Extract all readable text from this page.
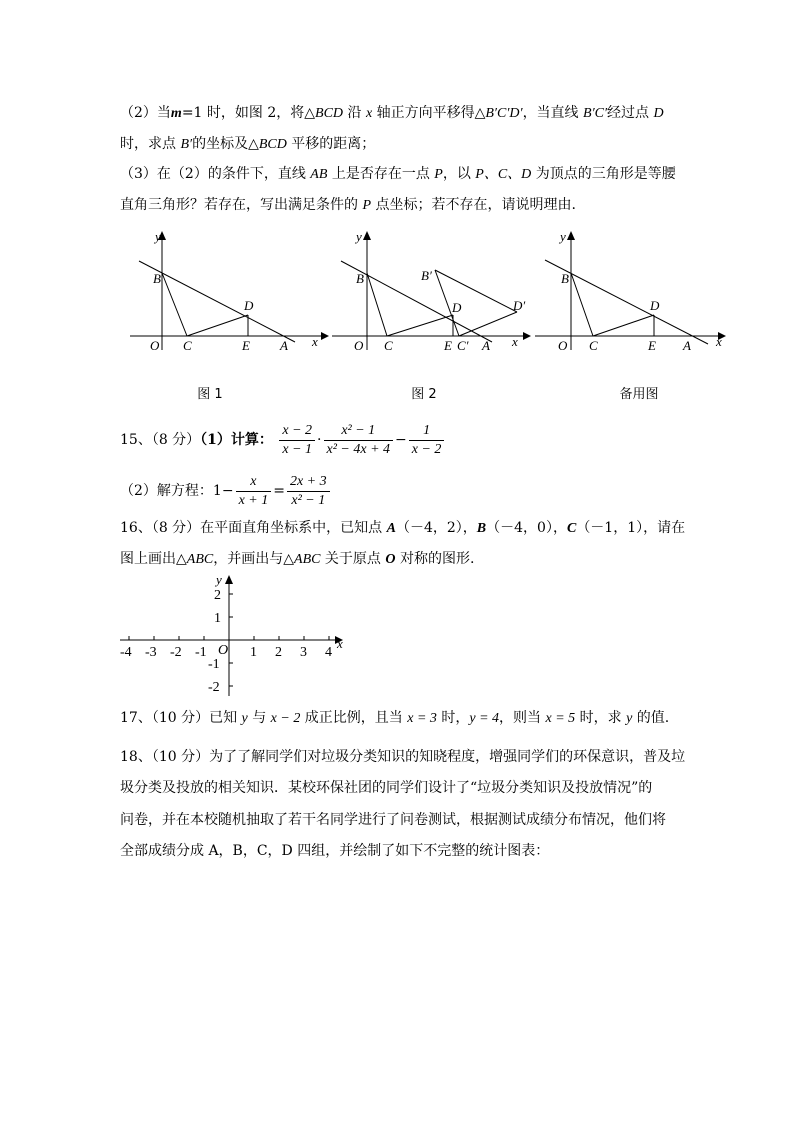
（2）当m=1 时，如图 2，将△BCD 沿 x 轴正方向平移得△B′C′D′，当直线 B′C′经过点 D
时，求点 B′的坐标及△BCD 平移的距离；
（3）在（2）的条件下，直线 AB 上是否存在一点 P，以 P、C、D 为顶点的三角形是等腰
直角三角形？若存在，写出满足条件的 P 点坐标；若不存在，请说明理由.
y
x
O
B
C
D
E A
y
x
O
B
C
D
E C′ A
B′
D′
y
x
O
B
C
D
E A
图 1	图 2	备用图
15、（8 分）（1）计算： $\frac{x - 2}{x - 1} \cdot \frac{\text{x² − 1}}{\text{x² − 4x + 4}} - \frac{1}{x - 2}$
（2）解方程：$1- \frac{x}{x + 1} = \frac{2x + 3}{\text{x² − 1}}$
16、（8 分）在平面直角坐标系中，已知点 A（－4，2），B（－4，0），C（－1，1），请在
图上画出△ABC，并画出与△ABC 关于原点 O 对称的图形.
-4 -3 -2 -1	1 2 3 4
2
1
-1
-2
O	x
y
17、（10 分）已知 y 与 x − 2 成正比例，且当 x = 3 时，y = 4，则当 x = 5 时，求 y 的值.
18、（10 分）为了了解同学们对垃圾分类知识的知晓程度，增强同学们的环保意识，普及垃
圾分类及投放的相关知识．某校环保社团的同学们设计了“垃圾分类知识及投放情况”的
问卷，并在本校随机抽取了若干名同学进行了问卷测试，根据测试成绩分布情况，他们将
全部成绩分成 A，B，C，D 四组，并绘制了如下不完整的统计图表：
